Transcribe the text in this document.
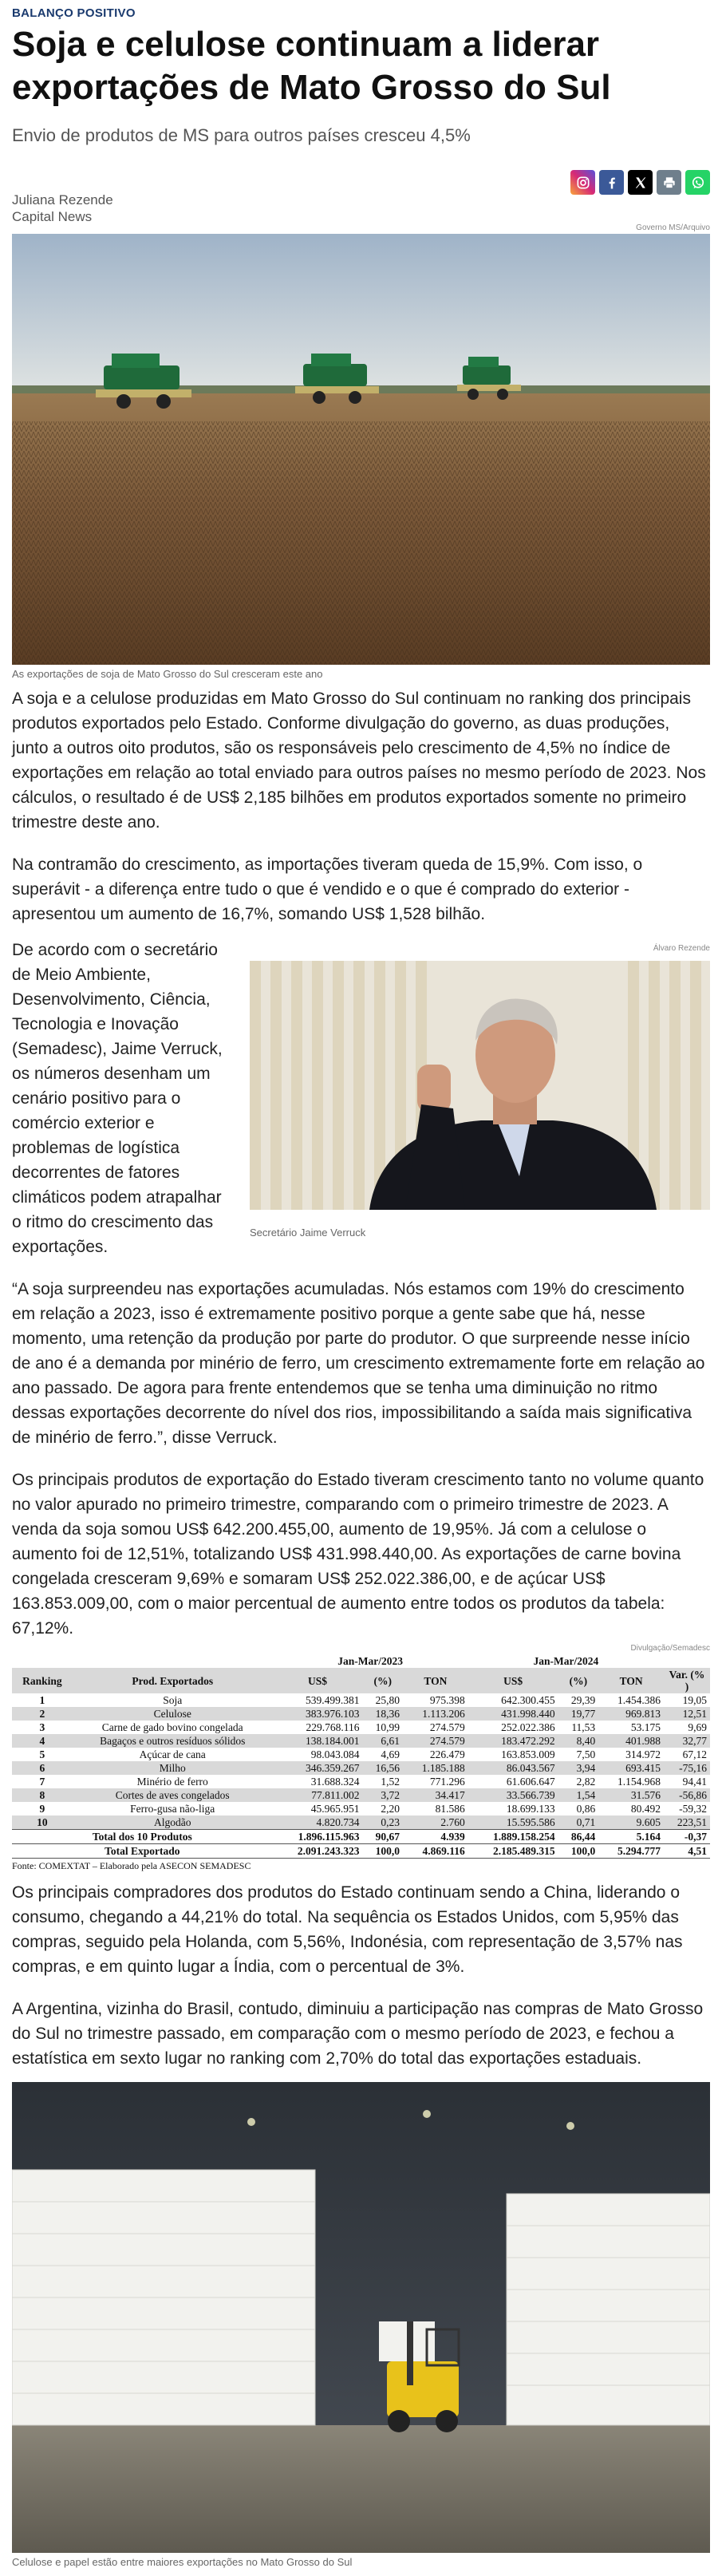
BALANÇO POSITIVO
Soja e celulose continuam a liderar exportações de Mato Grosso do Sul
Envio de produtos de MS para outros países cresceu 4,5%
Juliana Rezende
Capital News
Governo MS/Arquivo
As exportações de soja de Mato Grosso do Sul cresceram este ano

A soja e a celulose produzidas em Mato Grosso do Sul continuam no ranking dos principais produtos exportados pelo Estado. Conforme divulgação do governo, as duas produções, junto a outros oito produtos, são os responsáveis pelo crescimento de 4,5% no índice de exportações em relação ao total enviado para outros países no mesmo período de 2023. Nos cálculos, o resultado é de US$ 2,185 bilhões em produtos exportados somente no primeiro trimestre deste ano.

Na contramão do crescimento, as importações tiveram queda de 15,9%. Com isso, o superávit - a diferença entre tudo o que é vendido e o que é comprado do exterior - apresentou um aumento de 16,7%, somando US$ 1,528 bilhão.

De acordo com o secretário de Meio Ambiente, Desenvolvimento, Ciência, Tecnologia e Inovação (Semadesc), Jaime Verruck, os números desenham um cenário positivo para o comércio exterior e problemas de logística decorrentes de fatores climáticos podem atrapalhar o ritmo do crescimento das exportações.
Álvaro Rezende
Secretário Jaime Verruck

“A soja surpreendeu nas exportações acumuladas. Nós estamos com 19% do crescimento em relação a 2023, isso é extremamente positivo porque a gente sabe que há, nesse momento, uma retenção da produção por parte do produtor. O que surpreende nesse início de ano é a demanda por minério de ferro, um crescimento extremamente forte em relação ao ano passado. De agora para frente entendemos que se tenha uma diminuição no ritmo dessas exportações decorrente do nível dos rios, impossibilitando a saída mais significativa de minério de ferro.”, disse Verruck.

Os principais produtos de exportação do Estado tiveram crescimento tanto no volume quanto no valor apurado no primeiro trimestre, comparando com o primeiro trimestre de 2023. A venda da soja somou US$ 642.200.455,00, aumento de 19,95%. Já com a celulose o aumento foi de 12,51%, totalizando US$ 431.998.440,00. As exportações de carne bovina congelada cresceram 9,69% e somaram US$ 252.022.386,00, e de açúcar US$ 163.853.009,00, com o maior percentual de aumento entre todos os produtos da tabela: 67,12%.

Divulgação/Semadesc
		Jan-Mar/2023			Jan-Mar/2024			
Ranking	Prod. Exportados	US$	(%)	TON	US$	(%)	TON	Var. (% )
1	Soja	539.499.381	25,80	975.398	642.300.455	29,39	1.454.386	19,05
2	Celulose	383.976.103	18,36	1.113.206	431.998.440	19,77	969.813	12,51
3	Carne de gado bovino congelada	229.768.116	10,99	274.579	252.022.386	11,53	53.175	9,69
4	Bagaços e outros resíduos sólidos	138.184.001	6,61	274.579	183.472.292	8,40	401.988	32,77
5	Açúcar de cana	98.043.084	4,69	226.479	163.853.009	7,50	314.972	67,12
6	Milho	346.359.267	16,56	1.185.188	86.043.567	3,94	693.415	-75,16
7	Minério de ferro	31.688.324	1,52	771.296	61.606.647	2,82	1.154.968	94,41
8	Cortes de aves congelados	77.811.002	3,72	34.417	33.566.739	1,54	31.576	-56,86
9	Ferro-gusa não-liga	45.965.951	2,20	81.586	18.699.133	0,86	80.492	-59,32
10	Algodão	4.820.734	0,23	2.760	15.595.586	0,71	9.605	223,51
Total dos 10 Produtos		1.896.115.963	90,67	4.939	1.889.158.254	86,44	5.164	-0,37
Total Exportado		2.091.243.323	100,0	4.869.116	2.185.489.315	100,0	5.294.777	4,51
Fonte: COMEXTAT – Elaborado pela ASECON SEMADESC

Os principais compradores dos produtos do Estado continuam sendo a China, liderando o consumo, chegando a 44,21% do total. Na sequência os Estados Unidos, com 5,95% das compras, seguido pela Holanda, com 5,56%, Indonésia, com representação de 3,57% nas compras, e em quinto lugar a Índia, com o percentual de 3%.

A Argentina, vizinha do Brasil, contudo, diminuiu a participação nas compras de Mato Grosso do Sul no trimestre passado, em comparação com o mesmo período de 2023, e fechou a estatística em sexto lugar no ranking com 2,70% do total das exportações estaduais.

Celulose e papel estão entre maiores exportações no Mato Grosso do Sul
